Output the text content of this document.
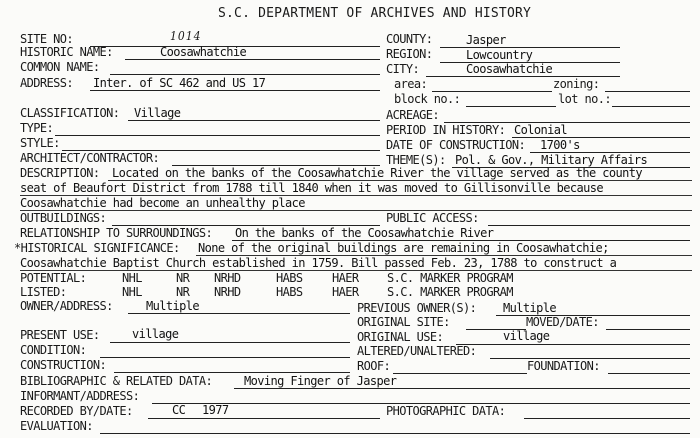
S.C. DEPARTMENT OF ARCHIVES AND HISTORY
SITE NO:	1014
HISTORIC NAME:	Coosawhatchie
COMMON NAME:
ADDRESS: Inter. of SC 462 and US 17
COUNTY:	Jasper
REGION:	Lowcountry
CITY:	Coosawhatchie
area:	zoning:
block no.:	lot no.:
CLASSIFICATION: Village	ACREAGE:
TYPE:	PERIOD IN HISTORY: Colonial
STYLE:	DATE OF CONSTRUCTION: 1700's
ARCHITECT/CONTRACTOR:	THEME(S): Pol. & Gov., Military Affairs
DESCRIPTION: Located on the banks of the Coosawhatchie River the village served as the county
seat of Beaufort District from 1788 till 1840 when it was moved to Gillisonville because
Coosawhatchie had become an unhealthy place
OUTBUILDINGS:	PUBLIC ACCESS:
RELATIONSHIP TO SURROUNDINGS: On the banks of the Coosawhatchie River
*HISTORICAL SIGNIFICANCE: None of the original buildings are remaining in Coosawhatchie;
Coosawhatchie Baptist Church established in 1759. Bill passed Feb. 23, 1788 to construct a
POTENTIAL:	NHL	NR NRHD	HABS HAER S.C. MARKER PROGRAM
LISTED:	NHL	NR NRHD	HABS HAER S.C. MARKER PROGRAM
OWNER/ADDRESS:	Multiple	PREVIOUS OWNER(S): Multiple
ORIGINAL SITE:	MOVED/DATE:
PRESENT USE:	village	ORIGINAL USE:	village
CONDITION:	ALTERED/UNALTERED:
CONSTRUCTION:	ROOF:	FOUNDATION:
BIBLIOGRAPHIC & RELATED DATA:	Moving Finger of Jasper
INFORMANT/ADDRESS:
RECORDED BY/DATE:	CC 1977	PHOTOGRAPHIC DATA:
EVALUATION:
